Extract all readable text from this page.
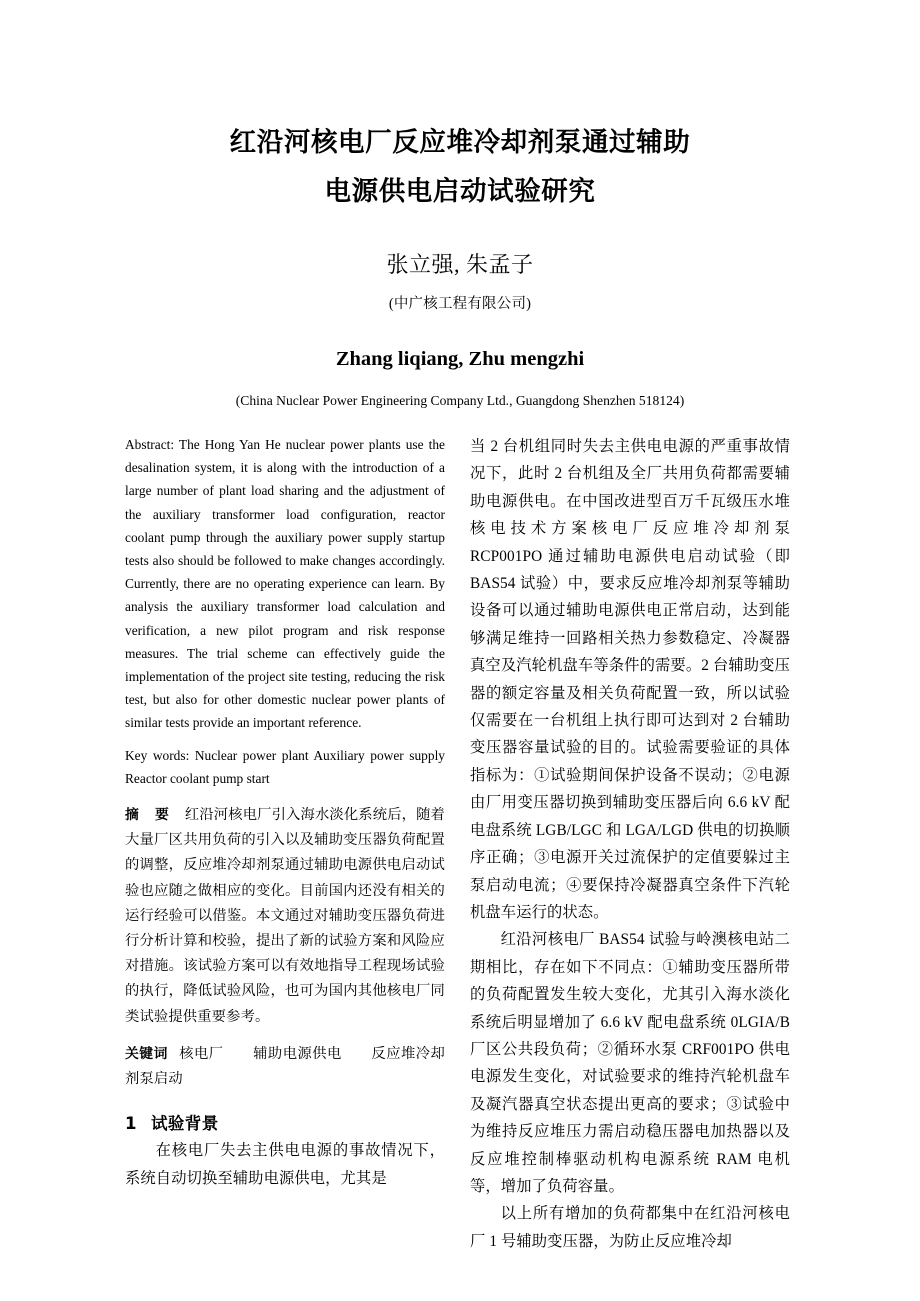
红沿河核电厂反应堆冷却剂泵通过辅助
电源供电启动试验研究
张立强, 朱孟子
(中广核工程有限公司)
Zhang liqiang, Zhu mengzhi
(China Nuclear Power Engineering Company Ltd., Guangdong Shenzhen 518124)

Abstract: The Hong Yan He nuclear power plants use the desalination system, it is along with the introduction of a large number of plant load sharing and the adjustment of the auxiliary transformer load configuration, reactor coolant pump through the auxiliary power supply startup tests also should be followed to make changes accordingly. Currently, there are no operating experience can learn. By analysis the auxiliary transformer load calculation and verification, a new pilot program and risk response measures. The trial scheme can effectively guide the implementation of the project site testing, reducing the risk test, but also for other domestic nuclear power plants of similar tests provide an important reference.

Key words: Nuclear power plant Auxiliary power supply Reactor coolant pump start

摘 要 红沿河核电厂引入海水淡化系统后，随着大量厂区共用负荷的引入以及辅助变压器负荷配置的调整，反应堆冷却剂泵通过辅助电源供电启动试验也应随之做相应的变化。目前国内还没有相关的运行经验可以借鉴。本文通过对辅助变压器负荷进行分析计算和校验，提出了新的试验方案和风险应对措施。该试验方案可以有效地指导工程现场试验的执行，降低试验风险，也可为国内其他核电厂同类试验提供重要参考。

关键词 核电厂　　辅助电源供电　　反应堆冷却剂泵启动

1 试验背景

在核电厂失去主供电电源的事故情况下，系统自动切换至辅助电源供电，尤其是

当 2 台机组同时失去主供电电源的严重事故情况下，此时 2 台机组及全厂共用负荷都需要辅助电源供电。在中国改进型百万千瓦级压水堆核电技术方案核电厂反应堆冷却剂泵 RCP001PO 通过辅助电源供电启动试验（即 BAS54 试验）中，要求反应堆冷却剂泵等辅助设备可以通过辅助电源供电正常启动，达到能够满足维持一回路相关热力参数稳定、冷凝器真空及汽轮机盘车等条件的需要。2 台辅助变压器的额定容量及相关负荷配置一致，所以试验仅需要在一台机组上执行即可达到对 2 台辅助变压器容量试验的目的。试验需要验证的具体指标为：①试验期间保护设备不误动；②电源由厂用变压器切换到辅助变压器后向 6.6 kV 配电盘系统 LGB/LGC 和 LGA/LGD 供电的切换顺序正确；③电源开关过流保护的定值要躲过主泵启动电流；④要保持冷凝器真空条件下汽轮机盘车运行的状态。

红沿河核电厂 BAS54 试验与岭澳核电站二期相比，存在如下不同点：①辅助变压器所带的负荷配置发生较大变化，尤其引入海水淡化系统后明显增加了 6.6 kV 配电盘系统 0LGIA/B 厂区公共段负荷；②循环水泵 CRF001PO 供电电源发生变化，对试验要求的维持汽轮机盘车及凝汽器真空状态提出更高的要求；③试验中为维持反应堆压力需启动稳压器电加热器以及反应堆控制棒驱动机构电源系统 RAM 电机等，增加了负荷容量。

以上所有增加的负荷都集中在红沿河核电厂 1 号辅助变压器，为防止反应堆冷却
